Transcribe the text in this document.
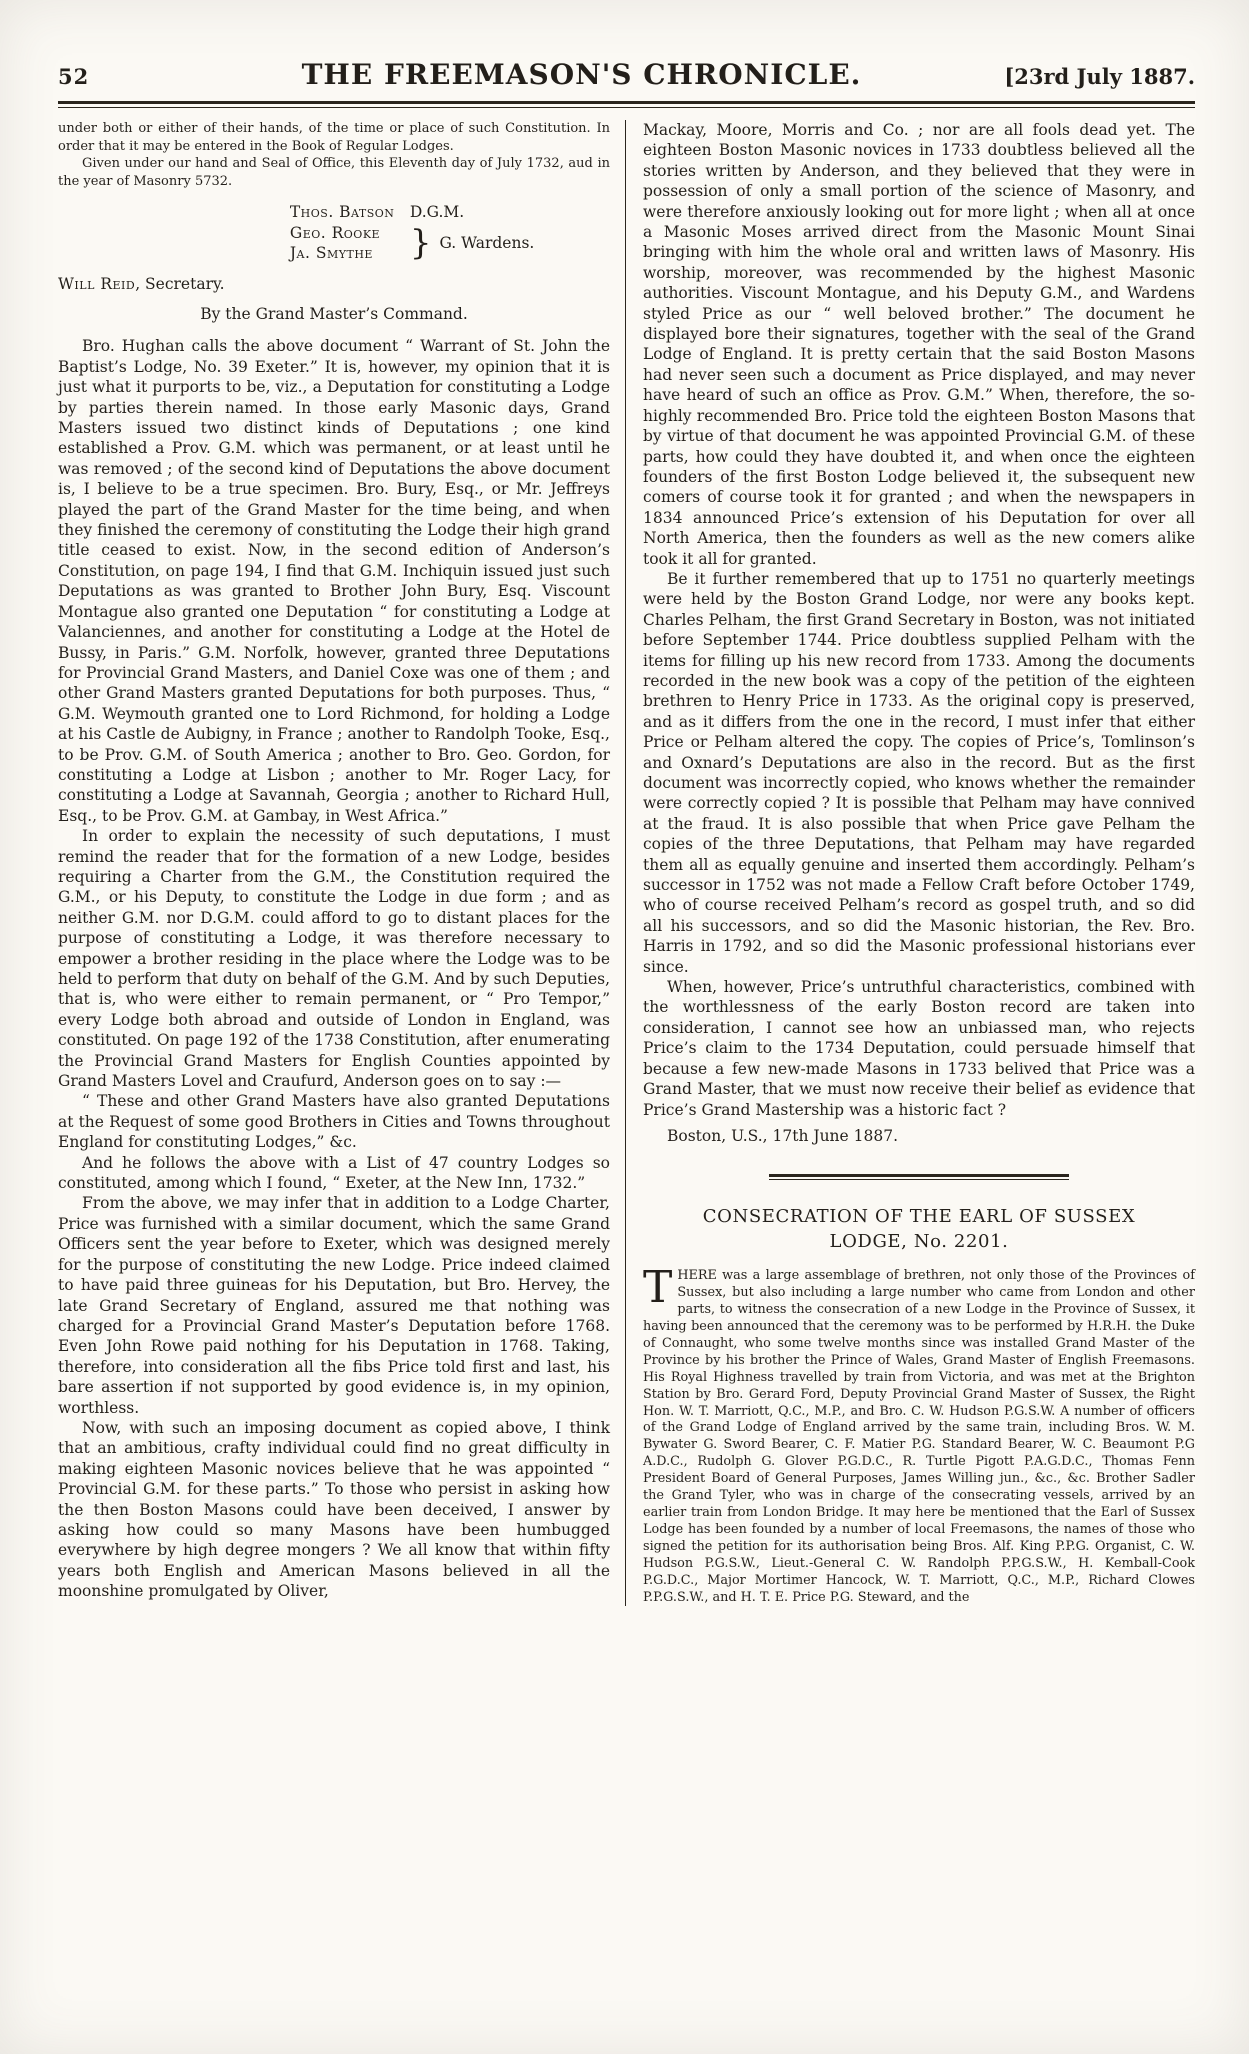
52	THE FREEMASON'S CHRONICLE.	[23rd July 1887.

under both or either of their hands, of the time or place of such Constitution. In order that it may be entered in the Book of Regular Lodges.

Given under our hand and Seal of Office, this Eleventh day of July 1732, aud in the year of Masonry 5732.

Thos. Batson D.G.M.
Geo. Rooke
Ja. Smythe	} G. Wardens.

Will Reid, Secretary.

By the Grand Master’s Command.

Bro. Hughan calls the above document “ Warrant of St. John the Baptist’s Lodge, No. 39 Exeter.” It is, however, my opinion that it is just what it purports to be, viz., a Deputation for constituting a Lodge by parties therein named. In those early Masonic days, Grand Masters issued two distinct kinds of Deputations ; one kind established a Prov. G.M. which was permanent, or at least until he was removed ; of the second kind of Deputations the above document is, I believe to be a true specimen. Bro. Bury, Esq., or Mr. Jeffreys played the part of the Grand Master for the time being, and when they finished the ceremony of constituting the Lodge their high grand title ceased to exist. Now, in the second edition of Anderson’s Constitution, on page 194, I find that G.M. Inchiquin issued just such Deputations as was granted to Brother John Bury, Esq. Viscount Montague also granted one Deputation “ for constituting a Lodge at Valanciennes, and another for constituting a Lodge at the Hotel de Bussy, in Paris.” G.M. Norfolk, however, granted three Deputations for Provincial Grand Masters, and Daniel Coxe was one of them ; and other Grand Masters granted Deputations for both purposes. Thus, “ G.M. Weymouth granted one to Lord Richmond, for holding a Lodge at his Castle de Aubigny, in France ; another to Randolph Tooke, Esq., to be Prov. G.M. of South America ; another to Bro. Geo. Gordon, for constituting a Lodge at Lisbon ; another to Mr. Roger Lacy, for constituting a Lodge at Savannah, Georgia ; another to Richard Hull, Esq., to be Prov. G.M. at Gambay, in West Africa.”

In order to explain the necessity of such deputations, I must remind the reader that for the formation of a new Lodge, besides requiring a Charter from the G.M., the Constitution required the G.M., or his Deputy, to constitute the Lodge in due form ; and as neither G.M. nor D.G.M. could afford to go to distant places for the purpose of constituting a Lodge, it was therefore necessary to empower a brother residing in the place where the Lodge was to be held to perform that duty on behalf of the G.M. And by such Deputies, that is, who were either to remain permanent, or “ Pro Tempor,” every Lodge both abroad and outside of London in England, was constituted. On page 192 of the 1738 Constitution, after enumerating the Provincial Grand Masters for English Counties appointed by Grand Masters Lovel and Craufurd, Anderson goes on to say :—

“ These and other Grand Masters have also granted Deputations at the Request of some good Brothers in Cities and Towns throughout England for constituting Lodges,” &c.

And he follows the above with a List of 47 country Lodges so constituted, among which I found, “ Exeter, at the New Inn, 1732.”

From the above, we may infer that in addition to a Lodge Charter, Price was furnished with a similar document, which the same Grand Officers sent the year before to Exeter, which was designed merely for the purpose of constituting the new Lodge. Price indeed claimed to have paid three guineas for his Deputation, but Bro. Hervey, the late Grand Secretary of England, assured me that nothing was charged for a Provincial Grand Master’s Deputation before 1768. Even John Rowe paid nothing for his Deputation in 1768. Taking, therefore, into consideration all the fibs Price told first and last, his bare assertion if not supported by good evidence is, in my opinion, worthless.

Now, with such an imposing document as copied above, I think that an ambitious, crafty individual could find no great difficulty in making eighteen Masonic novices believe that he was appointed “ Provincial G.M. for these parts.” To those who persist in asking how the then Boston Masons could have been deceived, I answer by asking how could so many Masons have been humbugged everywhere by high degree mongers ? We all know that within fifty years both English and American Masons believed in all the moonshine promulgated by Oliver,

Mackay, Moore, Morris and Co. ; nor are all fools dead yet. The eighteen Boston Masonic novices in 1733 doubtless believed all the stories written by Anderson, and they believed that they were in possession of only a small portion of the science of Masonry, and were therefore anxiously looking out for more light ; when all at once a Masonic Moses arrived direct from the Masonic Mount Sinai bringing with him the whole oral and written laws of Masonry. His worship, moreover, was recommended by the highest Masonic authorities. Viscount Montague, and his Deputy G.M., and Wardens styled Price as our “ well beloved brother.” The document he displayed bore their signatures, together with the seal of the Grand Lodge of England. It is pretty certain that the said Boston Masons had never seen such a document as Price displayed, and may never have heard of such an office as Prov. G.M.” When, therefore, the so-highly recommended Bro. Price told the eighteen Boston Masons that by virtue of that document he was appointed Provincial G.M. of these parts, how could they have doubted it, and when once the eighteen founders of the first Boston Lodge believed it, the subsequent new comers of course took it for granted ; and when the newspapers in 1834 announced Price’s extension of his Deputation for over all North America, then the founders as well as the new comers alike took it all for granted.

Be it further remembered that up to 1751 no quarterly meetings were held by the Boston Grand Lodge, nor were any books kept. Charles Pelham, the first Grand Secretary in Boston, was not initiated before September 1744. Price doubtless supplied Pelham with the items for filling up his new record from 1733. Among the documents recorded in the new book was a copy of the petition of the eighteen brethren to Henry Price in 1733. As the original copy is preserved, and as it differs from the one in the record, I must infer that either Price or Pelham altered the copy. The copies of Price’s, Tomlinson’s and Oxnard’s Deputations are also in the record. But as the first document was incorrectly copied, who knows whether the remainder were correctly copied ? It is possible that Pelham may have connived at the fraud. It is also possible that when Price gave Pelham the copies of the three Deputations, that Pelham may have regarded them all as equally genuine and inserted them accordingly. Pelham’s successor in 1752 was not made a Fellow Craft before October 1749, who of course received Pelham’s record as gospel truth, and so did all his successors, and so did the Masonic historian, the Rev. Bro. Harris in 1792, and so did the Masonic professional historians ever since.

When, however, Price’s untruthful characteristics, combined with the worthlessness of the early Boston record are taken into consideration, I cannot see how an unbiassed man, who rejects Price’s claim to the 1734 Deputation, could persuade himself that because a few new-made Masons in 1733 belived that Price was a Grand Master, that we must now receive their belief as evidence that Price’s Grand Mastership was a historic fact ?

Boston, U.S., 17th June 1887.

CONSECRATION OF THE EARL OF SUSSEX
LODGE, No. 2201.

THERE was a large assemblage of brethren, not only those of the Provinces of Sussex, but also including a large number who came from London and other parts, to witness the consecration of a new Lodge in the Province of Sussex, it having been announced that the ceremony was to be performed by H.R.H. the Duke of Connaught, who some twelve months since was installed Grand Master of the Province by his brother the Prince of Wales, Grand Master of English Freemasons. His Royal Highness travelled by train from Victoria, and was met at the Brighton Station by Bro. Gerard Ford, Deputy Provincial Grand Master of Sussex, the Right Hon. W. T. Marriott, Q.C., M.P., and Bro. C. W. Hudson P.G.S.W. A number of officers of the Grand Lodge of England arrived by the same train, including Bros. W. M. Bywater G. Sword Bearer, C. F. Matier P.G. Standard Bearer, W. C. Beaumont P.G A.D.C., Rudolph G. Glover P.G.D.C., R. Turtle Pigott P.A.G.D.C., Thomas Fenn President Board of General Purposes, James Willing jun., &c., &c. Brother Sadler the Grand Tyler, who was in charge of the consecrating vessels, arrived by an earlier train from London Bridge. It may here be mentioned that the Earl of Sussex Lodge has been founded by a number of local Freemasons, the names of those who signed the petition for its authorisation being Bros. Alf. King P.P.G. Organist, C. W. Hudson P.G.S.W., Lieut.-General C. W. Randolph P.P.G.S.W., H. Kemball-Cook P.G.D.C., Major Mortimer Hancock, W. T. Marriott, Q.C., M.P., Richard Clowes P.P.G.S.W., and H. T. E. Price P.G. Steward, and the
